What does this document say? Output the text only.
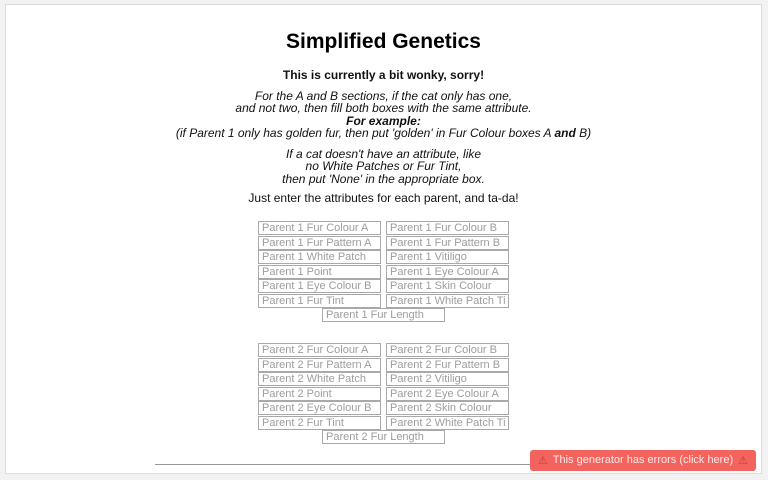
Simplified Genetics

This is currently a bit wonky, sorry!

For the A and B sections, if the cat only has one,
and not two, then fill both boxes with the same attribute.
For example:
(if Parent 1 only has golden fur, then put 'golden' in Fur Colour boxes A and B)

If a cat doesn't have an attribute, like
no White Patches or Fur Tint,
then put 'None' in the appropriate box.

Just enter the attributes for each parent, and ta-da!

Parent 1 Fur Colour A
Parent 1 Fur Colour B
Parent 1 Fur Pattern A
Parent 1 Fur Pattern B
Parent 1 White Patch
Parent 1 Vitiligo
Parent 1 Point
Parent 1 Eye Colour A
Parent 1 Eye Colour B
Parent 1 Skin Colour
Parent 1 Fur Tint
Parent 1 White Patch Tint
Parent 1 Fur Length
Parent 2 Fur Colour A
Parent 2 Fur Colour B
Parent 2 Fur Pattern A
Parent 2 Fur Pattern B
Parent 2 White Patch
Parent 2 Vitiligo
Parent 2 Point
Parent 2 Eye Colour A
Parent 2 Eye Colour B
Parent 2 Skin Colour
Parent 2 Fur Tint
Parent 2 White Patch Tint
Parent 2 Fur Length
⚠ This generator has errors (click here) ⚠
